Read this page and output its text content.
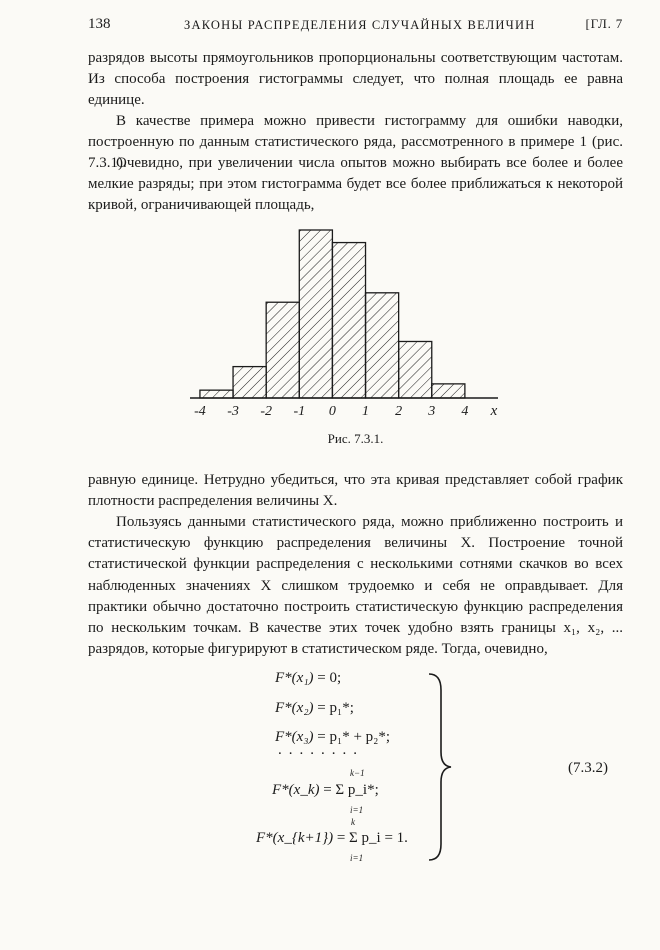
138	ЗАКОНЫ РАСПРЕДЕЛЕНИЯ СЛУЧАЙНЫХ ВЕЛИЧИН	[ГЛ. 7
разрядов высоты прямоугольников пропорциональны соответствующим частотам. Из способа построения гистограммы следует, что полная площадь ее равна единице.
В качестве примера можно привести гистограмму для ошибки наводки, построенную по данным статистического ряда, рассмотренного в примере 1 (рис. 7.3.1).
Очевидно, при увеличении числа опытов можно выбирать все более и более мелкие разряды; при этом гистограмма будет все более приближаться к некоторой кривой, ограничивающей площадь,
-4 -3 -2 -1 0 1 2 3 4 x
Рис. 7.3.1.
равную единице. Нетрудно убедиться, что эта кривая представляет собой график плотности распределения величины X.
Пользуясь данными статистического ряда, можно приближенно построить и статистическую функцию распределения величины X. Построение точной статистической функции распределения с несколькими сотнями скачков во всех наблюденных значениях X слишком трудоемко и себя не оправдывает. Для практики обычно достаточно построить статистическую функцию распределения по нескольким точкам. В качестве этих точек удобно взять границы x₁, x₂, ... разрядов, которые фигурируют в статистическом ряде. Тогда, очевидно,
F*(x₁) = 0;
F*(x₂) = p₁*;
F*(x₃) = p₁* + p₂*;
........
F*(x_k) = Σ p_i*;
k−1
i=1
F*(x_{k+1}) = Σ p_i = 1.
k
i=1
(7.3.2)
